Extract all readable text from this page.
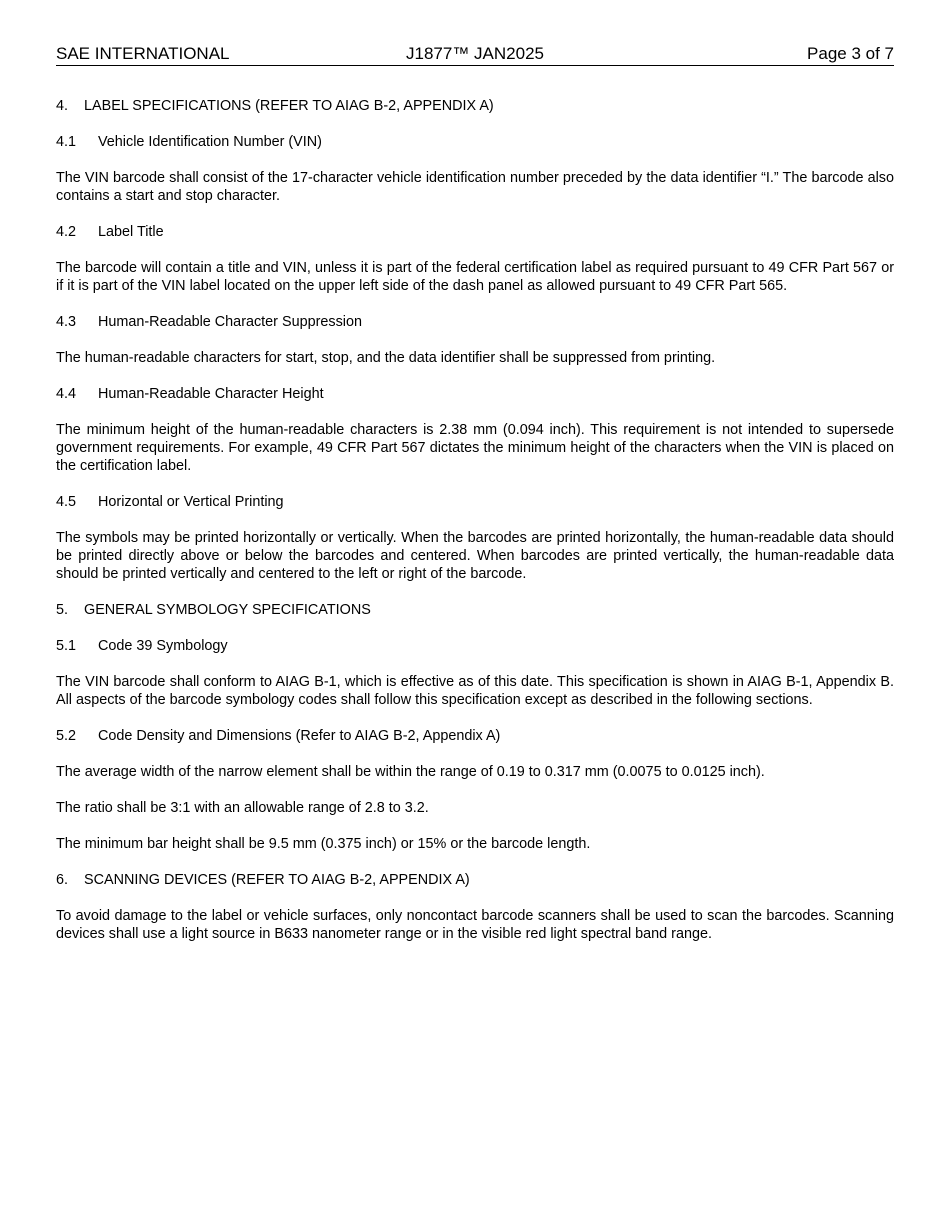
SAE INTERNATIONAL	J1877™ JAN2025	Page 3 of 7
4. LABEL SPECIFICATIONS (REFER TO AIAG B-2, APPENDIX A)
4.1 Vehicle Identification Number (VIN)

The VIN barcode shall consist of the 17-character vehicle identification number preceded by the data identifier “I.” The barcode also contains a start and stop character.

4.2 Label Title

The barcode will contain a title and VIN, unless it is part of the federal certification label as required pursuant to 49 CFR Part 567 or if it is part of the VIN label located on the upper left side of the dash panel as allowed pursuant to 49 CFR Part 565.

4.3 Human-Readable Character Suppression

The human-readable characters for start, stop, and the data identifier shall be suppressed from printing.

4.4 Human-Readable Character Height

The minimum height of the human-readable characters is 2.38 mm (0.094 inch). This requirement is not intended to supersede government requirements. For example, 49 CFR Part 567 dictates the minimum height of the characters when the VIN is placed on the certification label.

4.5 Horizontal or Vertical Printing

The symbols may be printed horizontally or vertically. When the barcodes are printed horizontally, the human-readable data should be printed directly above or below the barcodes and centered. When barcodes are printed vertically, the human-readable data should be printed vertically and centered to the left or right of the barcode.

5. GENERAL SYMBOLOGY SPECIFICATIONS
5.1 Code 39 Symbology

The VIN barcode shall conform to AIAG B-1, which is effective as of this date. This specification is shown in AIAG B-1, Appendix B. All aspects of the barcode symbology codes shall follow this specification except as described in the following sections.

5.2 Code Density and Dimensions (Refer to AIAG B-2, Appendix A)

The average width of the narrow element shall be within the range of 0.19 to 0.317 mm (0.0075 to 0.0125 inch).

The ratio shall be 3:1 with an allowable range of 2.8 to 3.2.

The minimum bar height shall be 9.5 mm (0.375 inch) or 15% or the barcode length.

6. SCANNING DEVICES (REFER TO AIAG B-2, APPENDIX A)

To avoid damage to the label or vehicle surfaces, only noncontact barcode scanners shall be used to scan the barcodes. Scanning devices shall use a light source in B633 nanometer range or in the visible red light spectral band range.
